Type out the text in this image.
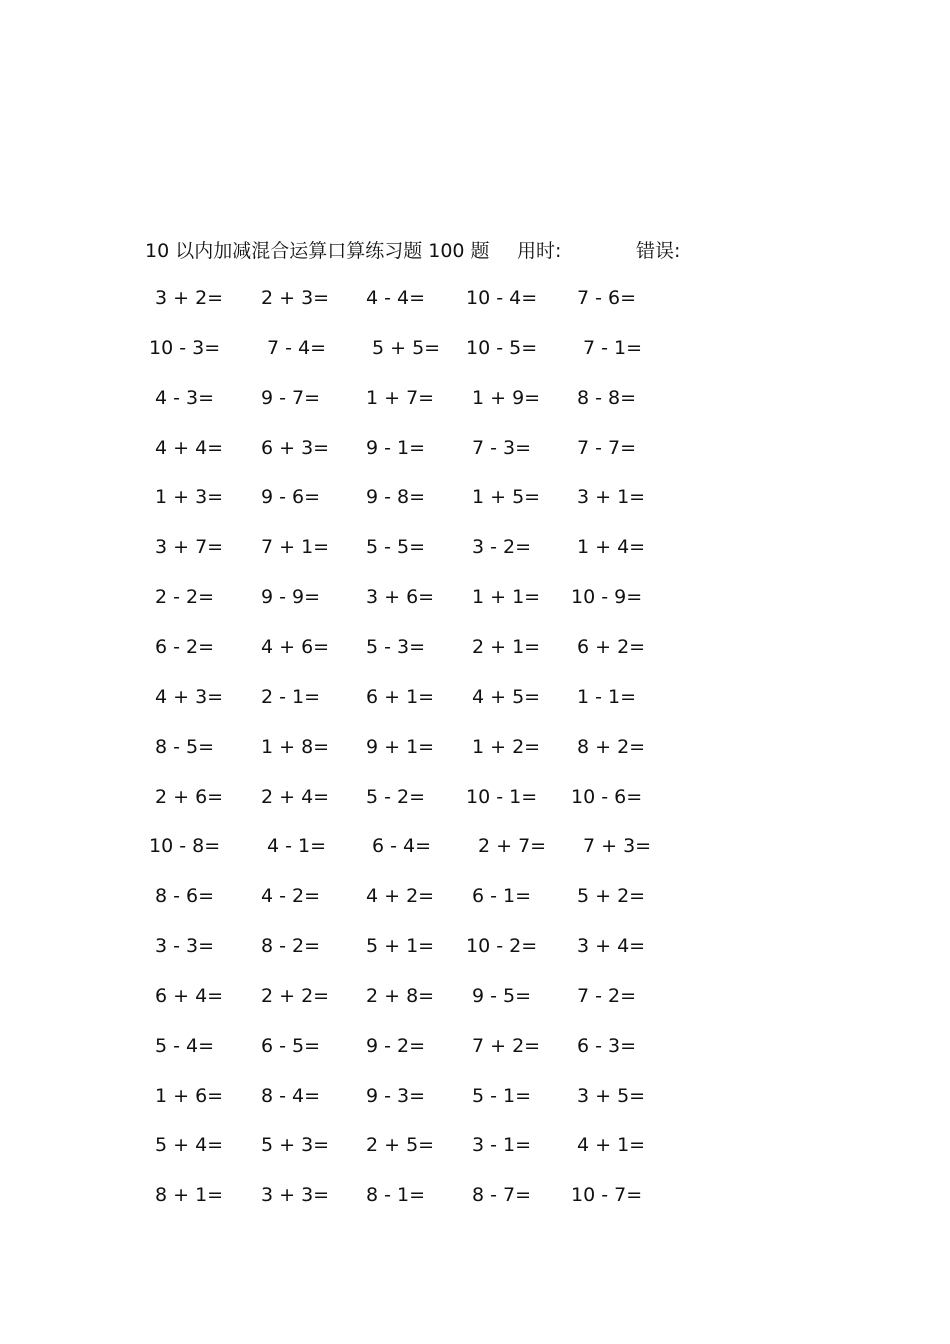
10 以内加减混合运算口算练习题 100 题 用时:	错误:
3 + 2= 2 + 3= 4 - 4= 10 - 4= 7 - 6=
10 - 3= 7 - 4= 5 + 5= 10 - 5= 7 - 1=
4 - 3= 9 - 7= 1 + 7= 1 + 9= 8 - 8=
4 + 4= 6 + 3= 9 - 1= 7 - 3= 7 - 7=
1 + 3= 9 - 6= 9 - 8= 1 + 5= 3 + 1=
3 + 7= 7 + 1= 5 - 5= 3 - 2= 1 + 4=
2 - 2= 9 - 9= 3 + 6= 1 + 1= 10 - 9=
6 - 2= 4 + 6= 5 - 3= 2 + 1= 6 + 2=
4 + 3= 2 - 1= 6 + 1= 4 + 5= 1 - 1=
8 - 5= 1 + 8= 9 + 1= 1 + 2= 8 + 2=
2 + 6= 2 + 4= 5 - 2= 10 - 1= 10 - 6=
10 - 8= 4 - 1= 6 - 4= 2 + 7= 7 + 3=
8 - 6= 4 - 2= 4 + 2= 6 - 1= 5 + 2=
3 - 3= 8 - 2= 5 + 1= 10 - 2= 3 + 4=
6 + 4= 2 + 2= 2 + 8= 9 - 5= 7 - 2=
5 - 4= 6 - 5= 9 - 2= 7 + 2= 6 - 3=
1 + 6= 8 - 4= 9 - 3= 5 - 1= 3 + 5=
5 + 4= 5 + 3= 2 + 5= 3 - 1= 4 + 1=
8 + 1= 3 + 3= 8 - 1= 8 - 7= 10 - 7=
